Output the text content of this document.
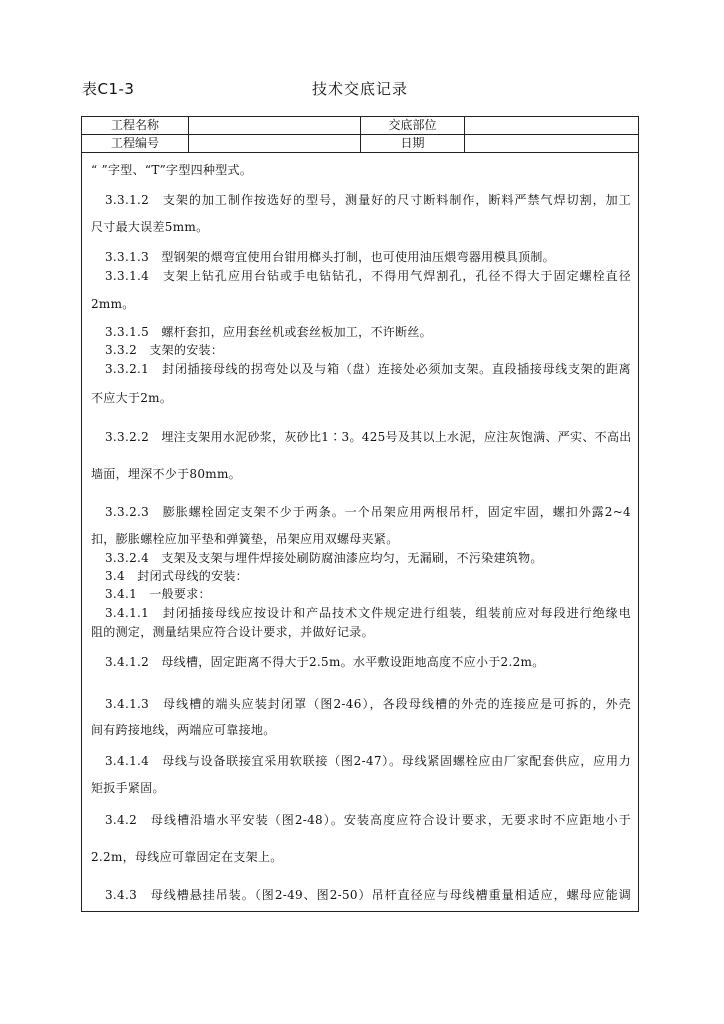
表C1-3	技术交底记录
工程名称	交底部位
工程编号	日期
“ ”字型、“T”字型四种型式。
3.3.1.2　支架的加工制作按选好的型号，测量好的尺寸断料制作，断料严禁气焊切割，加工
尺寸最大误差5mm。
3.3.1.3　型钢架的煨弯宜使用台钳用榔头打制，也可使用油压煨弯器用模具顶制。
3.3.1.4　支架上钻孔应用台钻或手电钻钻孔，不得用气焊割孔，孔径不得大于固定螺栓直径
2mm。
3.3.1.5　螺杆套扣，应用套丝机或套丝板加工，不许断丝。
3.3.2　支架的安装：
3.3.2.1　封闭插接母线的拐弯处以及与箱（盘）连接处必须加支架。直段插接母线支架的距离
不应大于2m。
3.3.2.2　埋注支架用水泥砂浆，灰砂比1∶3。425号及其以上水泥，应注灰饱满、严实、不高出
墙面，埋深不少于80mm。
3.3.2.3　膨胀螺栓固定支架不少于两条。一个吊架应用两根吊杆，固定牢固，螺扣外露2~4
扣，膨胀螺栓应加平垫和弹簧垫，吊架应用双螺母夹紧。
3.3.2.4　支架及支架与埋件焊接处刷防腐油漆应均匀，无漏刷，不污染建筑物。
3.4　封闭式母线的安装：
3.4.1　一般要求：
3.4.1.1　封闭插接母线应按设计和产品技术文件规定进行组装，组装前应对每段进行绝缘电
阻的测定，测量结果应符合设计要求，并做好记录。
3.4.1.2　母线槽，固定距离不得大于2.5m。水平敷设距地高度不应小于2.2m。
3.4.1.3　母线槽的端头应装封闭罩（图2-46），各段母线槽的外壳的连接应是可拆的，外壳
间有跨接地线，两端应可靠接地。
3.4.1.4　母线与设备联接宜采用软联接（图2-47）。母线紧固螺栓应由厂家配套供应，应用力
矩扳手紧固。
3.4.2　母线槽沿墙水平安装（图2-48）。安装高度应符合设计要求，无要求时不应距地小于
2.2m，母线应可靠固定在支架上。
3.4.3　母线槽悬挂吊装。（图2-49、图2-50）吊杆直径应与母线槽重量相适应，螺母应能调
